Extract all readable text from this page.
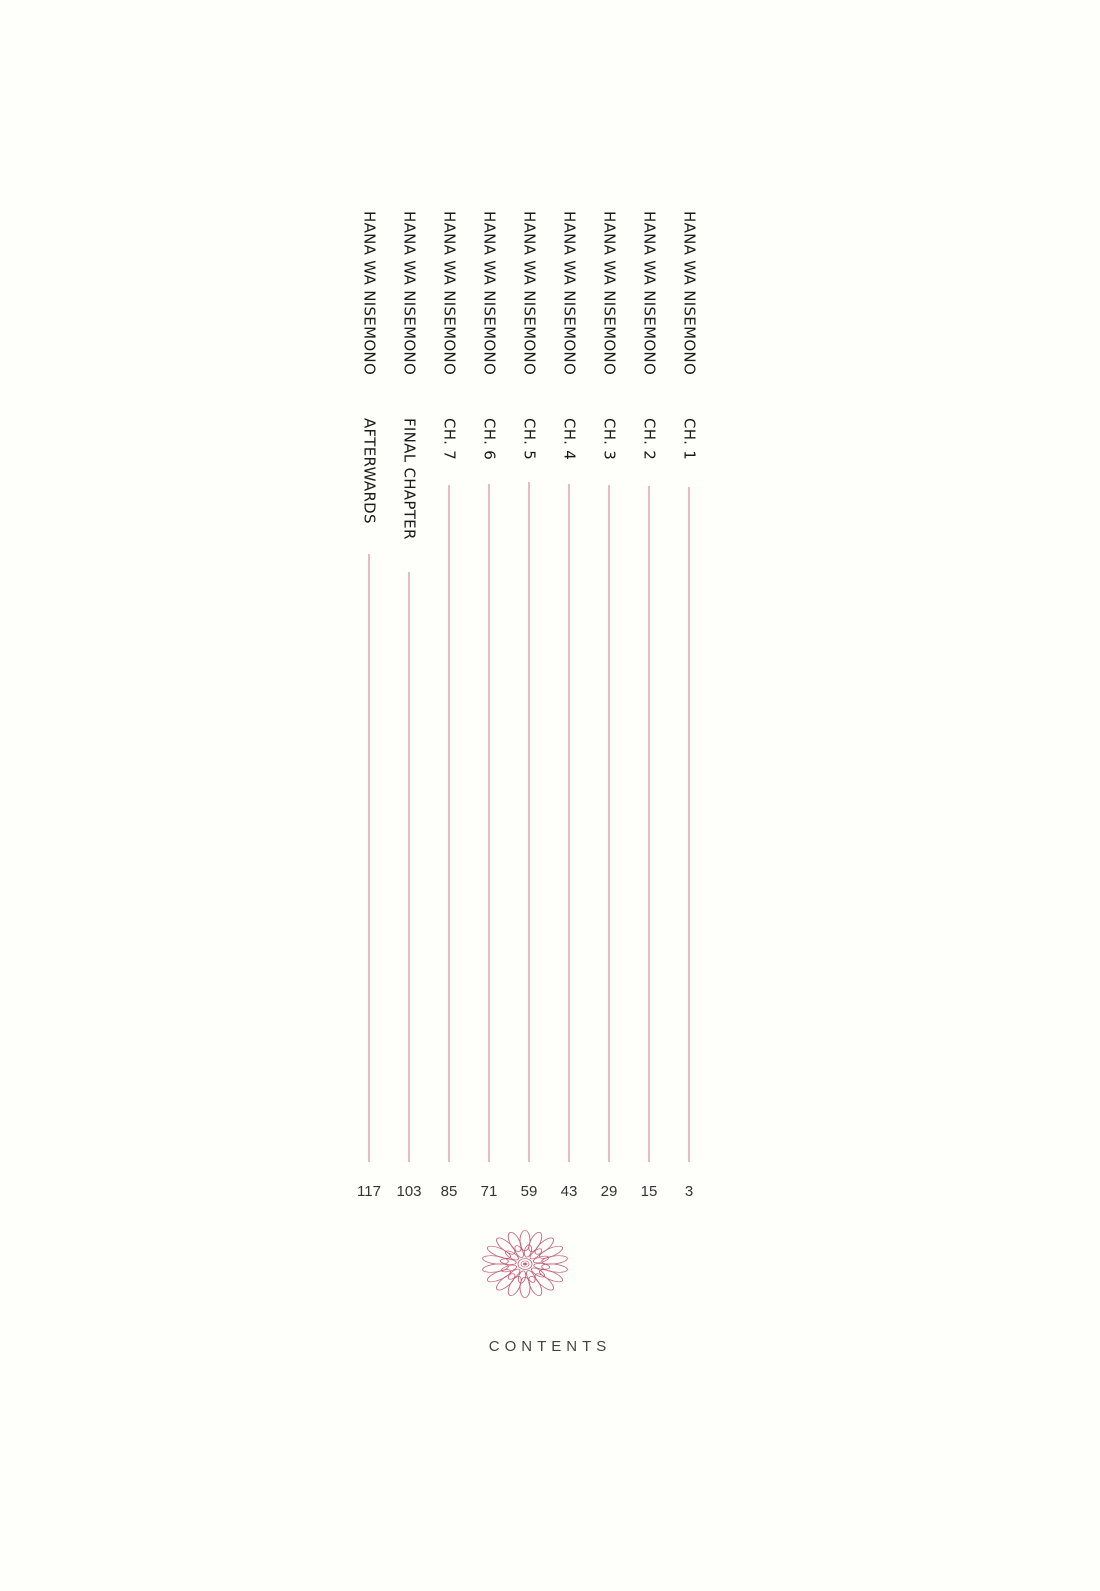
HANA WA NISEMONO
CH. 1
3
HANA WA NISEMONO
CH. 2
15
HANA WA NISEMONO
CH. 3
29
HANA WA NISEMONO
CH. 4
43
HANA WA NISEMONO
CH. 5
59
HANA WA NISEMONO
CH. 6
71
HANA WA NISEMONO
CH. 7
85
HANA WA NISEMONO
FINAL CHAPTER
103
HANA WA NISEMONO
AFTERWARDS
117
CONTENTS
